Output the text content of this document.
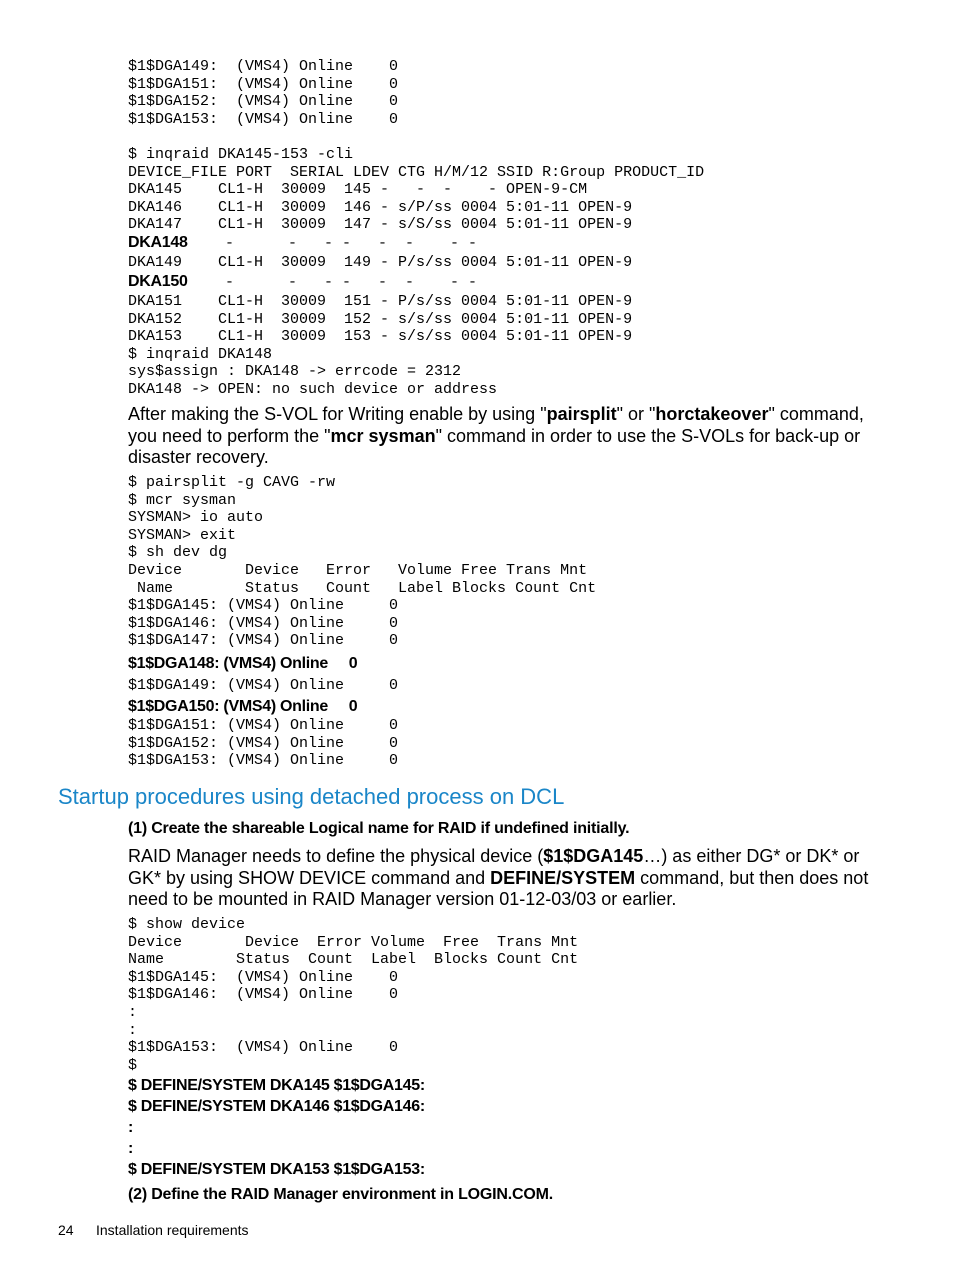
$1$DGA149:  (VMS4) Online    0
$1$DGA151:  (VMS4) Online    0
$1$DGA152:  (VMS4) Online    0
$1$DGA153:  (VMS4) Online    0

$ inqraid DKA145-153 -cli
DEVICE_FILE PORT  SERIAL LDEV CTG H/M/12 SSID R:Group PRODUCT_ID
DKA145    CL1-H  30009  145 -   -  -    - OPEN-9-CM
DKA146    CL1-H  30009  146 - s/P/ss 0004 5:01-11 OPEN-9
DKA147    CL1-H  30009  147 - s/S/ss 0004 5:01-11 OPEN-9
DKA148 -      -   - -   -  -    - -
DKA149    CL1-H  30009  149 - P/s/ss 0004 5:01-11 OPEN-9
DKA150 -      -   - -   -  -    - -
DKA151    CL1-H  30009  151 - P/s/ss 0004 5:01-11 OPEN-9
DKA152    CL1-H  30009  152 - s/s/ss 0004 5:01-11 OPEN-9
DKA153    CL1-H  30009  153 - s/s/ss 0004 5:01-11 OPEN-9
$ inqraid DKA148
sys$assign : DKA148 -> errcode = 2312
DKA148 -> OPEN: no such device or address

After making the S-VOL for Writing enable by using "pairsplit" or "horctakeover" command, you need to perform the "mcr sysman" command in order to use the S-VOLs for back-up or disaster recovery.

$ pairsplit -g CAVG -rw
$ mcr sysman
SYSMAN> io auto
SYSMAN> exit
$ sh dev dg
Device       Device   Error   Volume Free Trans Mnt
Name        Status   Count   Label Blocks Count Cnt
$1$DGA145: (VMS4) Online     0
$1$DGA146: (VMS4) Online     0
$1$DGA147: (VMS4) Online     0
$1$DGA148: (VMS4) Online     0
$1$DGA149: (VMS4) Online     0
$1$DGA150: (VMS4) Online     0
$1$DGA151: (VMS4) Online     0
$1$DGA152: (VMS4) Online     0
$1$DGA153: (VMS4) Online     0
Startup procedures using detached process on DCL

(1) Create the shareable Logical name for RAID if undefined initially.

RAID Manager needs to define the physical device ($1$DGA145…) as either DG* or DK* or GK* by using SHOW DEVICE command and DEFINE/SYSTEM command, but then does not need to be mounted in RAID Manager version 01-12-03/03 or earlier.

$ show device
Device       Device  Error Volume  Free  Trans Mnt
Name        Status  Count  Label  Blocks Count Cnt
$1$DGA145:  (VMS4) Online    0
$1$DGA146:  (VMS4) Online    0
:
:
$1$DGA153:  (VMS4) Online    0
$
$ DEFINE/SYSTEM DKA145 $1$DGA145:
$ DEFINE/SYSTEM DKA146 $1$DGA146:
:
:
$ DEFINE/SYSTEM DKA153 $1$DGA153:

(2) Define the RAID Manager environment in LOGIN.COM.

24 Installation requirements
